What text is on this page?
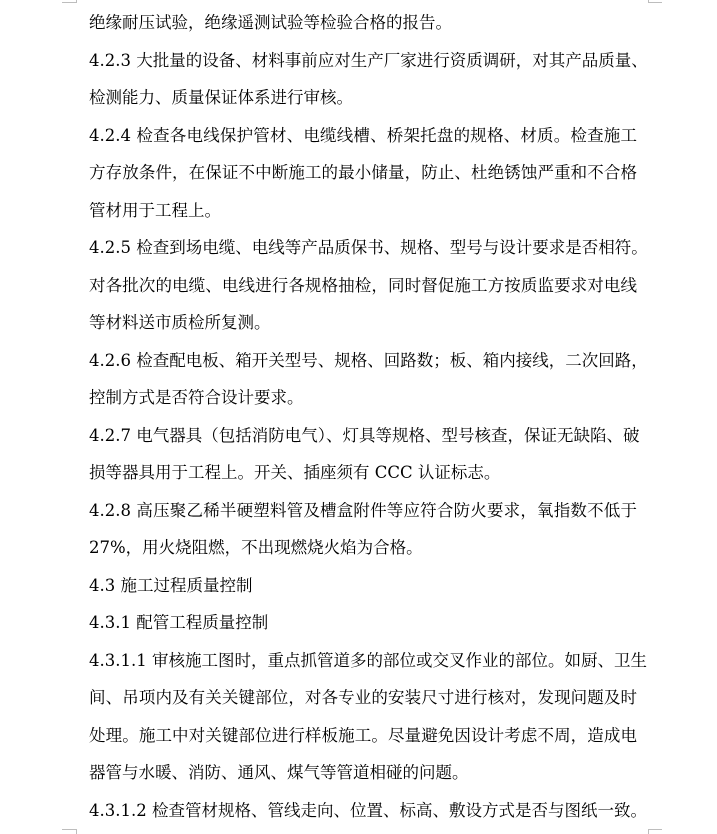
绝缘耐压试验，绝缘遥测试验等检验合格的报告。
4.2.3 大批量的设备、材料事前应对生产厂家进行资质调研，对其产品质量、
检测能力、质量保证体系进行审核。
4.2.4 检查各电线保护管材、电缆线槽、桥架托盘的规格、材质。检查施工
方存放条件，在保证不中断施工的最小储量，防止、杜绝锈蚀严重和不合格
管材用于工程上。
4.2.5 检查到场电缆、电线等产品质保书、规格、型号与设计要求是否相符。
对各批次的电缆、电线进行各规格抽检，同时督促施工方按质监要求对电线
等材料送市质检所复测。
4.2.6 检查配电板、箱开关型号、规格、回路数；板、箱内接线，二次回路，
控制方式是否符合设计要求。
4.2.7 电气器具（包括消防电气）、灯具等规格、型号核查，保证无缺陷、破
损等器具用于工程上。开关、插座须有 CCC 认证标志。
4.2.8 高压聚乙稀半硬塑料管及槽盒附件等应符合防火要求，氧指数不低于
27%，用火烧阻燃，不出现燃烧火焰为合格。
4.3 施工过程质量控制
4.3.1 配管工程质量控制
4.3.1.1 审核施工图时，重点抓管道多的部位或交叉作业的部位。如厨、卫生
间、吊项内及有关关键部位，对各专业的安装尺寸进行核对，发现问题及时
处理。施工中对关键部位进行样板施工。尽量避免因设计考虑不周，造成电
器管与水暖、消防、通风、煤气等管道相碰的问题。
4.3.1.2 检查管材规格、管线走向、位置、标高、敷设方式是否与图纸一致。
